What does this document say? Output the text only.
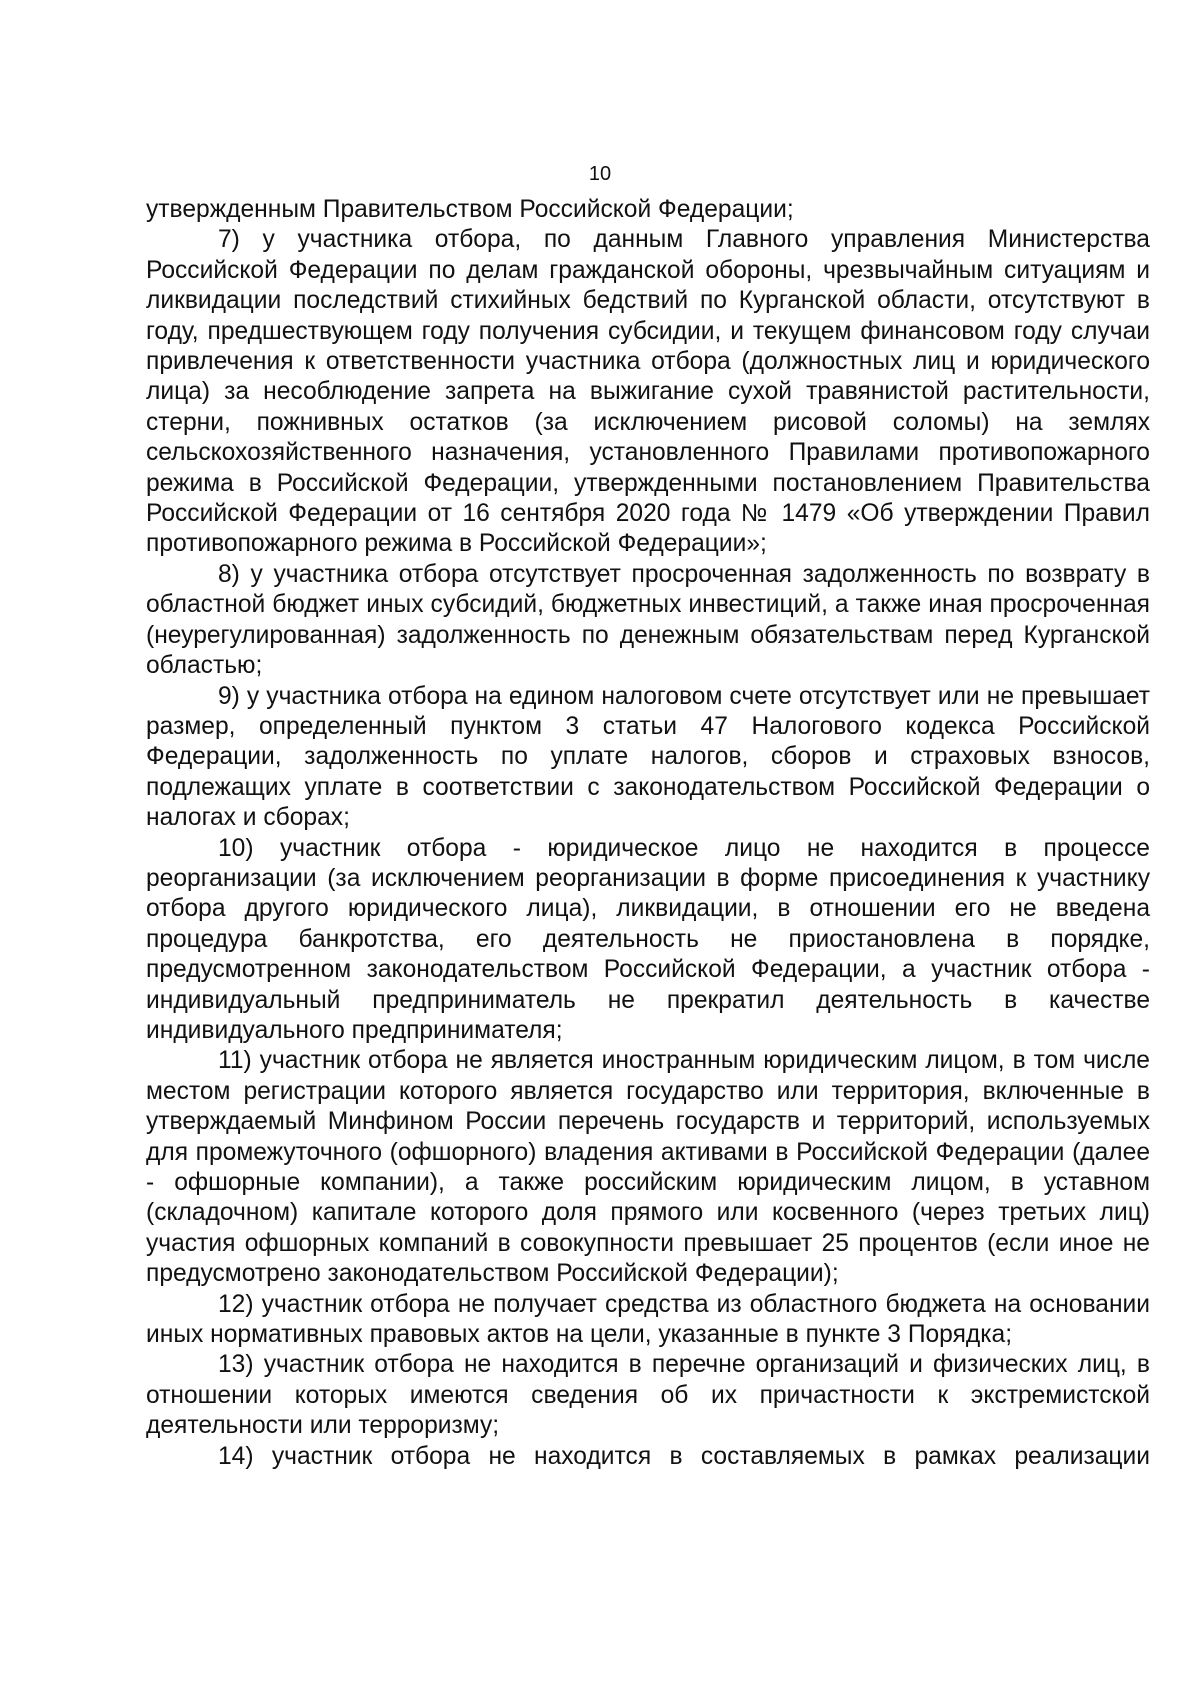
10

утвержденным Правительством Российской Федерации;

7) у участника отбора, по данным Главного управления Министерства Российской Федерации по делам гражданской обороны, чрезвычайным ситуациям и ликвидации последствий стихийных бедствий по Курганской области, отсутствуют в году, предшествующем году получения субсидии, и текущем финансовом году случаи привлечения к ответственности участника отбора (должностных лиц и юридического лица) за несоблюдение запрета на выжигание сухой травянистой растительности, стерни, пожнивных остатков (за исключением рисовой соломы) на землях сельскохозяйственного назначения, установленного Правилами противопожарного режима в Российской Федерации, утвержденными постановлением Правительства Российской Федерации от 16 сентября 2020 года № 1479 «Об утверждении Правил противопожарного режима в Российской Федерации»;

8) у участника отбора отсутствует просроченная задолженность по возврату в областной бюджет иных субсидий, бюджетных инвестиций, а также иная просроченная (неурегулированная) задолженность по денежным обязательствам перед Курганской областью;

9) у участника отбора на едином налоговом счете отсутствует или не превышает размер, определенный пунктом 3 статьи 47 Налогового кодекса Российской Федерации, задолженность по уплате налогов, сборов и страховых взносов, подлежащих уплате в соответствии с законодательством Российской Федерации о налогах и сборах;

10) участник отбора - юридическое лицо не находится в процессе реорганизации (за исключением реорганизации в форме присоединения к участнику отбора другого юридического лица), ликвидации, в отношении его не введена процедура банкротства, его деятельность не приостановлена в порядке, предусмотренном законодательством Российской Федерации, а участник отбора - индивидуальный предприниматель не прекратил деятельность в качестве индивидуального предпринимателя;

11) участник отбора не является иностранным юридическим лицом, в том числе местом регистрации которого является государство или территория, включенные в утверждаемый Минфином России перечень государств и территорий, используемых для промежуточного (офшорного) владения активами в Российской Федерации (далее - офшорные компании), а также российским юридическим лицом, в уставном (складочном) капитале которого доля прямого или косвенного (через третьих лиц) участия офшорных компаний в совокупности превышает 25 процентов (если иное не предусмотрено законодательством Российской Федерации);

12) участник отбора не получает средства из областного бюджета на основании иных нормативных правовых актов на цели, указанные в пункте 3 Порядка;

13) участник отбора не находится в перечне организаций и физических лиц, в отношении которых имеются сведения об их причастности к экстремистской деятельности или терроризму;

14) участник отбора не находится в составляемых в рамках реализации
